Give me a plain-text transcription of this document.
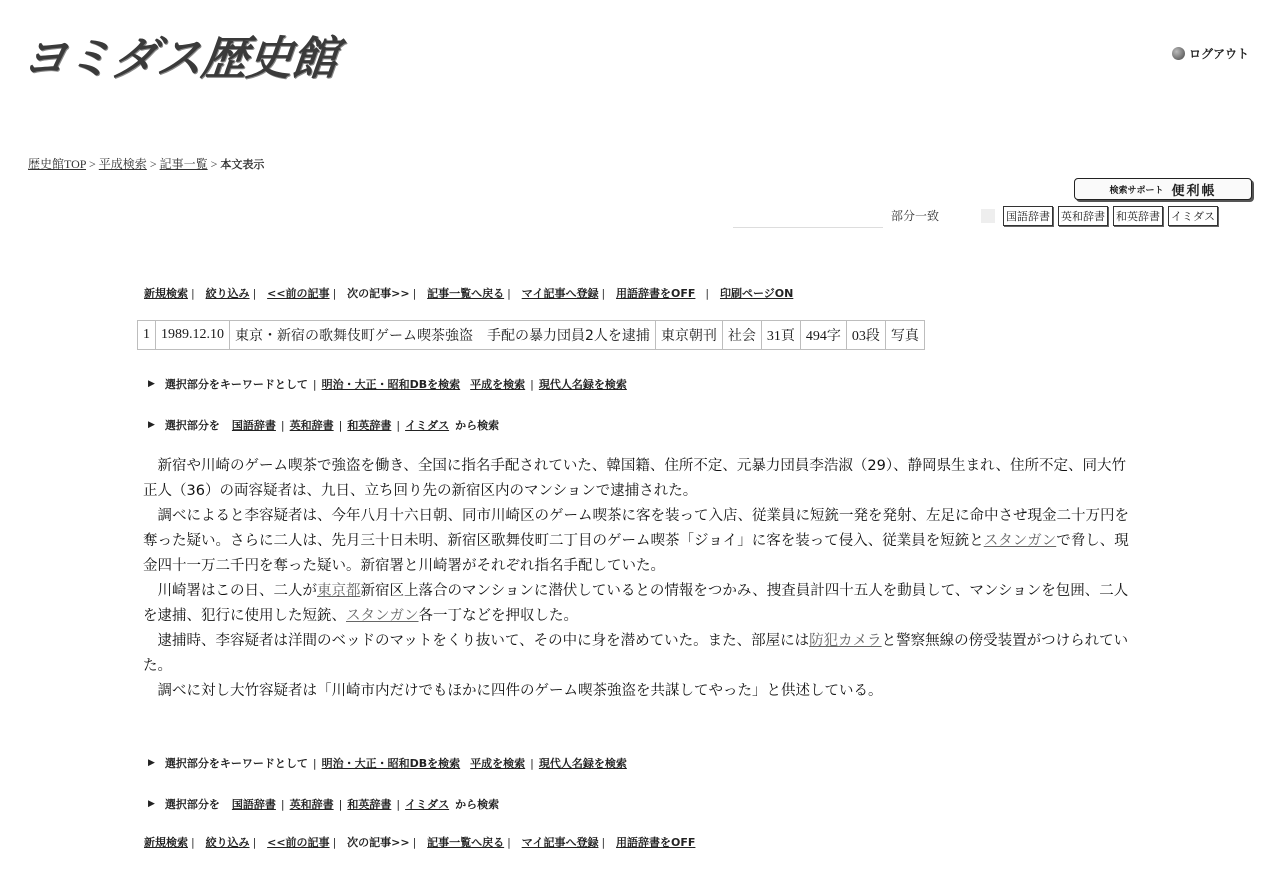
ヨミダス歴史館	ログアウト
歴史館TOP > 平成検索 > 記事一覧 > 本文表示
検索サポート 便利帳
部分一致	国語辞書 英和辞書 和英辞書 イミダス
新規検索 | 絞り込み | <<前の記事 | 次の記事>> | 記事一覧へ戻る | マイ記事へ登録 | 用語辞書をOFF | 印刷ページON
1	1989.12.10	東京・新宿の歌舞伎町ゲーム喫茶強盗　手配の暴力団員2人を逮捕	東京朝刊	社会	31頁	494字	03段	写真
▶ 選択部分をキーワードとして | 明治・大正・昭和DBを検索 平成を検索 | 現代人名録を検索
▶ 選択部分を 国語辞書 | 英和辞書 | 和英辞書 | イミダス から検索

新宿や川崎のゲーム喫茶で強盗を働き、全国に指名手配されていた、韓国籍、住所不定、元暴力団員李浩淑（29）、静岡県生まれ、住所不定、同大竹正人（36）の両容疑者は、九日、立ち回り先の新宿区内のマンションで逮捕された。

調べによると李容疑者は、今年八月十六日朝、同市川崎区のゲーム喫茶に客を装って入店、従業員に短銃一発を発射、左足に命中させ現金二十万円を奪った疑い。さらに二人は、先月三十日未明、新宿区歌舞伎町二丁目のゲーム喫茶「ジョイ」に客を装って侵入、従業員を短銃とスタンガンで脅し、現金四十一万二千円を奪った疑い。新宿署と川崎署がそれぞれ指名手配していた。

川崎署はこの日、二人が東京都新宿区上落合のマンションに潜伏しているとの情報をつかみ、捜査員計四十五人を動員して、マンションを包囲、二人を逮捕、犯行に使用した短銃、スタンガン各一丁などを押収した。

逮捕時、李容疑者は洋間のベッドのマットをくり抜いて、その中に身を潜めていた。また、部屋には防犯カメラと警察無線の傍受装置がつけられていた。

調べに対し大竹容疑者は「川崎市内だけでもほかに四件のゲーム喫茶強盗を共謀してやった」と供述している。

▶ 選択部分をキーワードとして | 明治・大正・昭和DBを検索 平成を検索 | 現代人名録を検索
▶ 選択部分を 国語辞書 | 英和辞書 | 和英辞書 | イミダス から検索
新規検索 | 絞り込み | <<前の記事 | 次の記事>> | 記事一覧へ戻る | マイ記事へ登録 | 用語辞書をOFF
